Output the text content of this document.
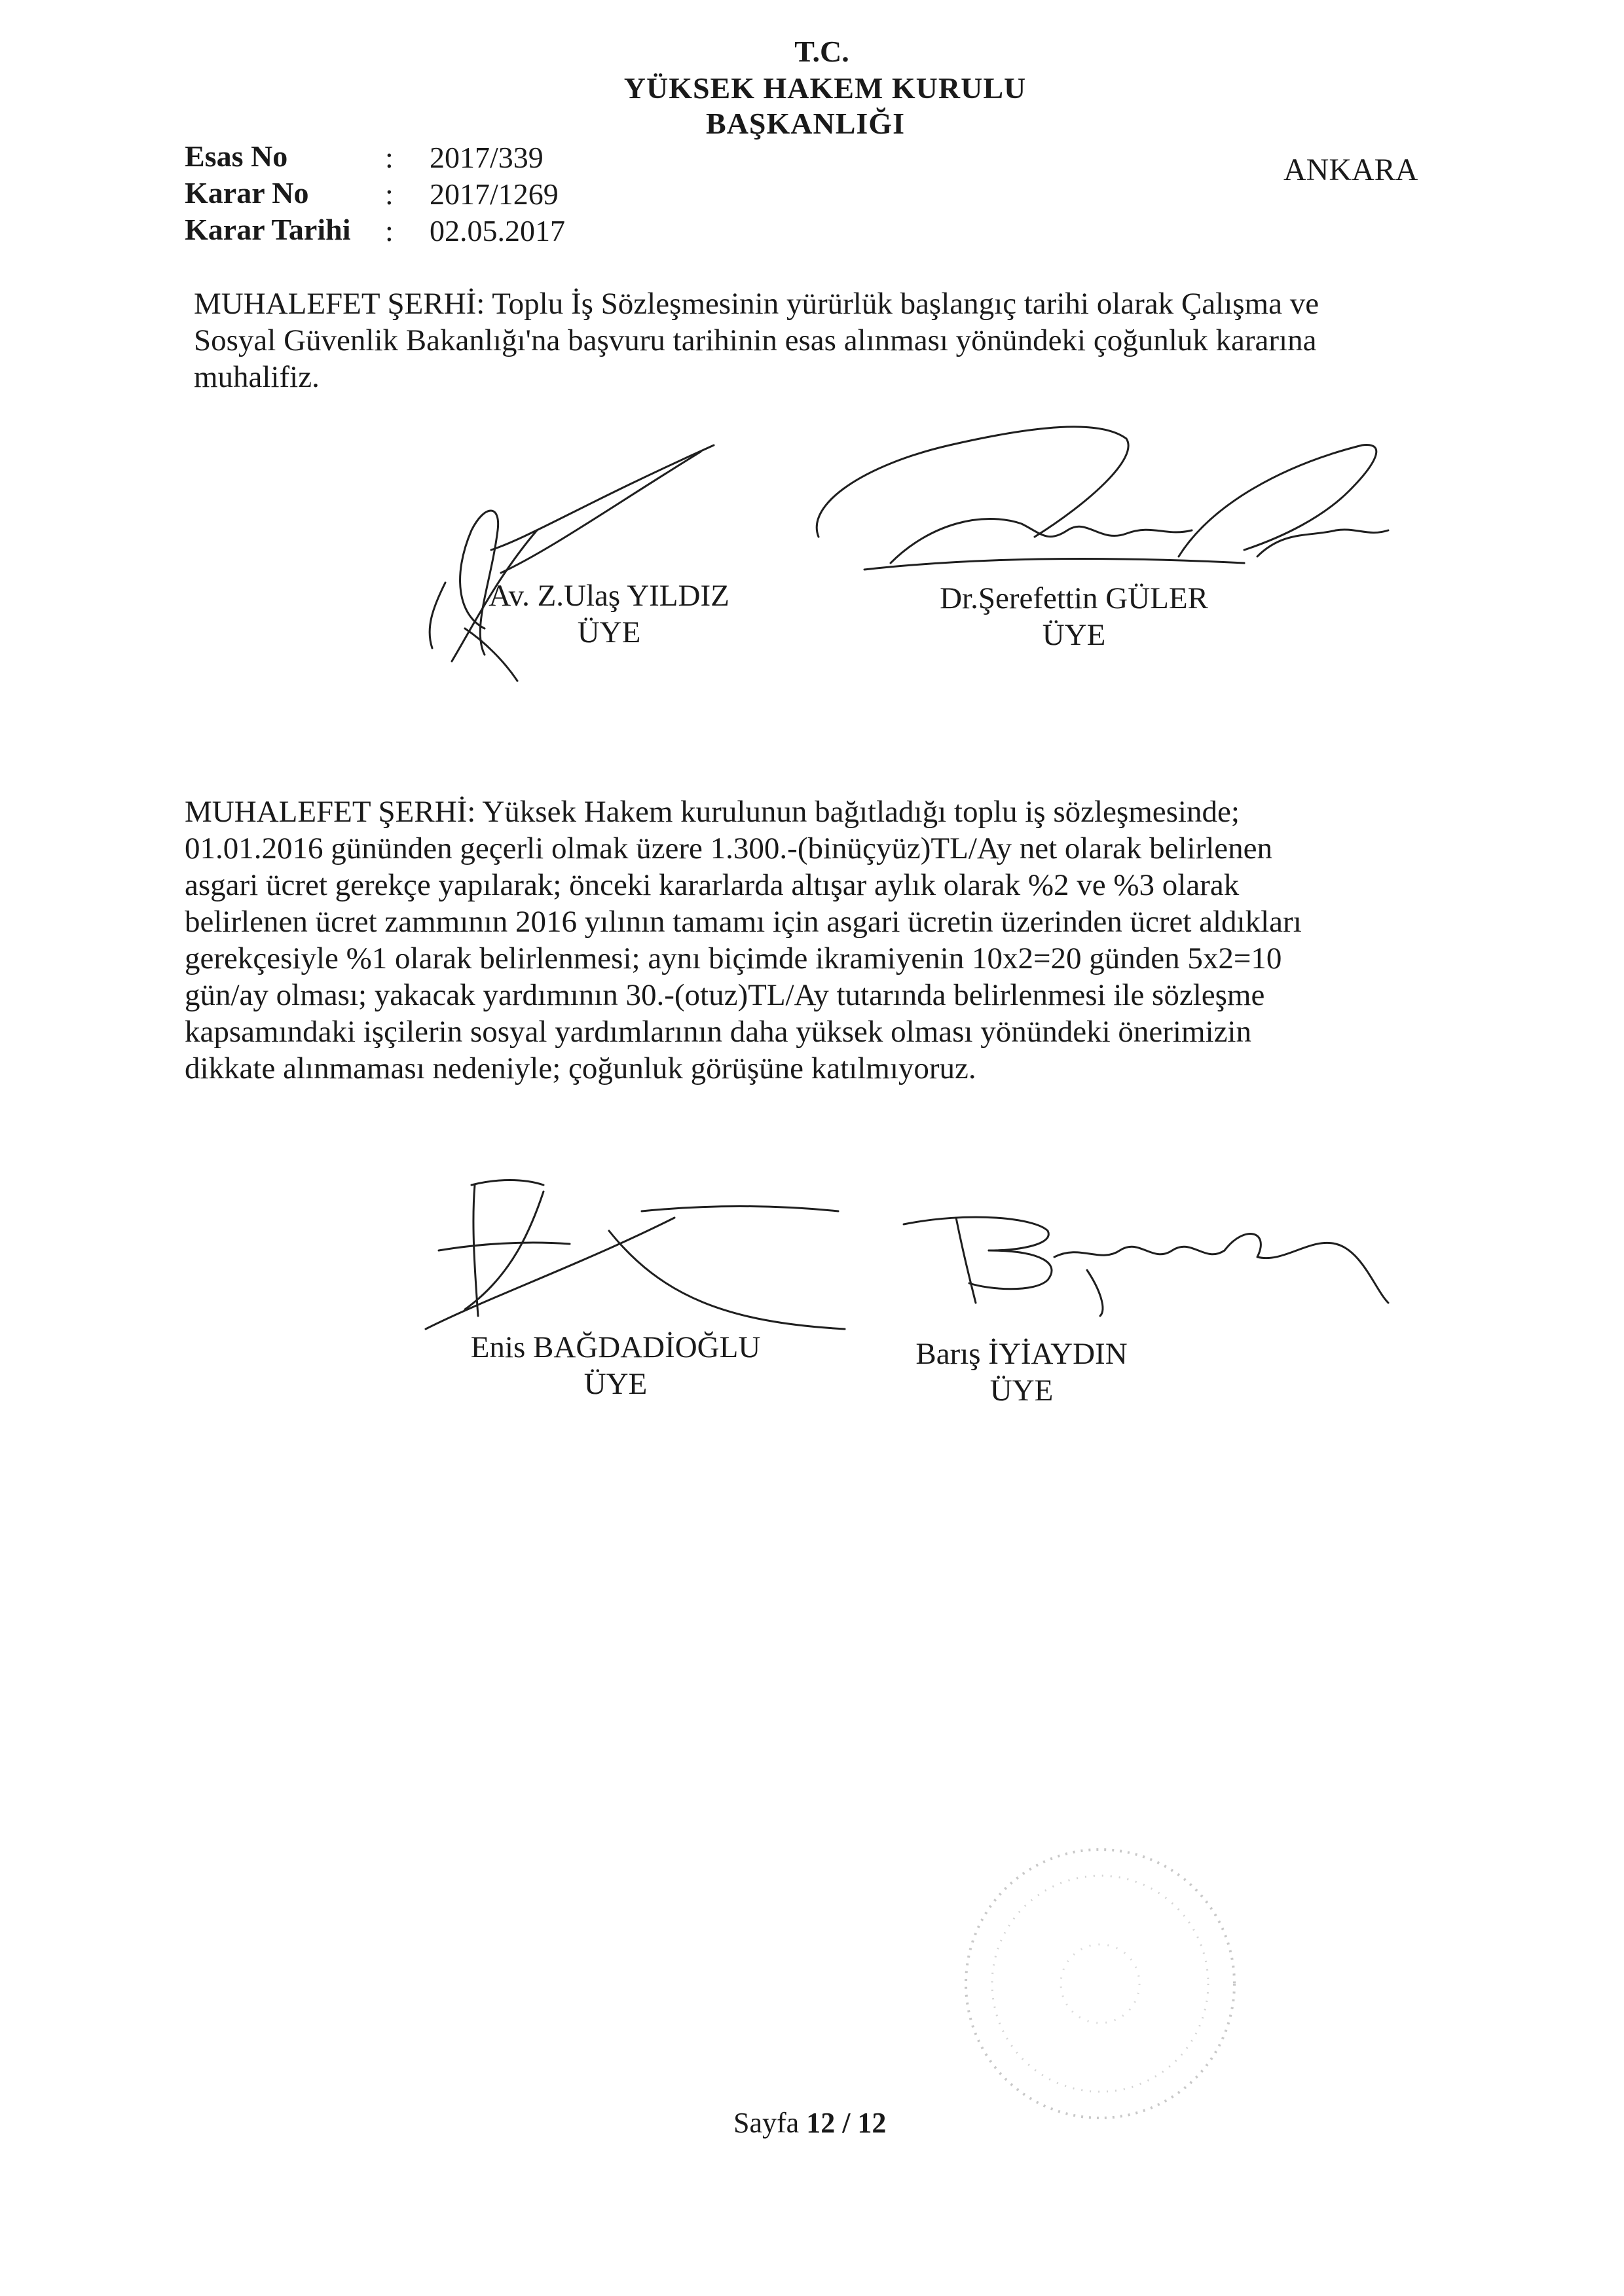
T.C.
YÜKSEK HAKEM KURULU
BAŞKANLIĞI
ANKARA
Esas No	: 2017/339
Karar No	: 2017/1269
Karar Tarihi : 02.05.2017
MUHALEFET ŞERHİ: Toplu İş Sözleşmesinin yürürlük başlangıç tarihi olarak Çalışma ve
Sosyal Güvenlik Bakanlığı'na başvuru tarihinin esas alınması yönündeki çoğunluk kararına
muhalifiz.
Av. Z.Ulaş YILDIZ
ÜYE
Dr.Şerefettin GÜLER
ÜYE
MUHALEFET ŞERHİ: Yüksek Hakem kurulunun bağıtladığı toplu iş sözleşmesinde;
01.01.2016 gününden geçerli olmak üzere 1.300.-(binüçyüz)TL/Ay net olarak belirlenen
asgari ücret gerekçe yapılarak; önceki kararlarda altışar aylık olarak %2 ve %3 olarak
belirlenen ücret zammının 2016 yılının tamamı için asgari ücretin üzerinden ücret aldıkları
gerekçesiyle %1 olarak belirlenmesi; aynı biçimde ikramiyenin 10x2=20 günden 5x2=10
gün/ay olması; yakacak yardımının 30.-(otuz)TL/Ay tutarında belirlenmesi ile sözleşme
kapsamındaki işçilerin sosyal yardımlarının daha yüksek olması yönündeki önerimizin
dikkate alınmaması nedeniyle; çoğunluk görüşüne katılmıyoruz.
Enis BAĞDADİOĞLU
ÜYE
Barış İYİAYDIN
ÜYE
Sayfa 12 / 12
